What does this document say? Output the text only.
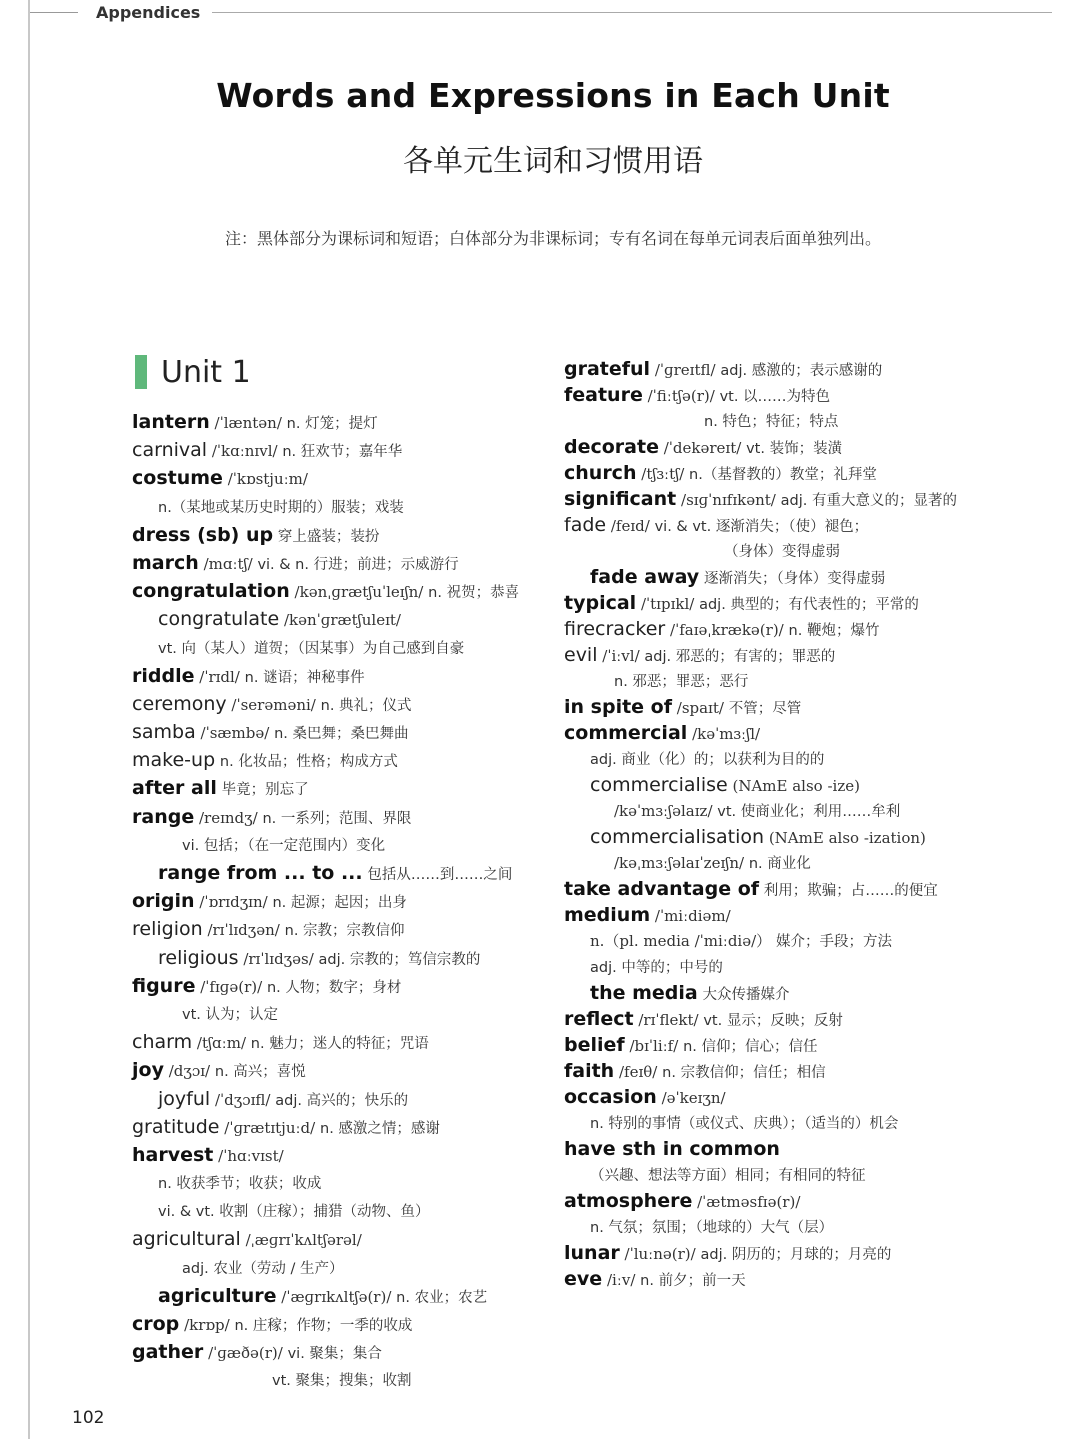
Appendices
Words and Expressions in Each Unit
各单元生词和习惯用语
注：黑体部分为课标词和短语；白体部分为非课标词；专有名词在每单元词表后面单独列出。
Unit 1
lantern /ˈlæntən/ n. 灯笼；提灯
carnival /ˈkɑːnɪvl/ n. 狂欢节；嘉年华
costume /ˈkɒstjuːm/
n.（某地或某历史时期的）服装；戏装
dress (sb) up 穿上盛装；装扮
march /mɑːtʃ/ vi. & n. 行进；前进；示威游行
congratulation /kənˌɡrætʃuˈleɪʃn/ n. 祝贺；恭喜
congratulate /kənˈɡrætʃuleɪt/
vt. 向（某人）道贺；（因某事）为自己感到自豪
riddle /ˈrɪdl/ n. 谜语；神秘事件
ceremony /ˈserəməni/ n. 典礼；仪式
samba /ˈsæmbə/ n. 桑巴舞；桑巴舞曲
make-up n. 化妆品；性格；构成方式
after all 毕竟；别忘了
range /reɪndʒ/ n. 一系列；范围、界限
vi. 包括；（在一定范围内）变化
range from ... to ... 包括从……到……之间
origin /ˈɒrɪdʒɪn/ n. 起源；起因；出身
religion /rɪˈlɪdʒən/ n. 宗教；宗教信仰
religious /rɪˈlɪdʒəs/ adj. 宗教的；笃信宗教的
figure /ˈfɪɡə(r)/ n. 人物；数字；身材
vt. 认为；认定
charm /tʃɑːm/ n. 魅力；迷人的特征；咒语
joy /dʒɔɪ/ n. 高兴；喜悦
joyful /ˈdʒɔɪfl/ adj. 高兴的；快乐的
gratitude /ˈɡrætɪtjuːd/ n. 感激之情；感谢
harvest /ˈhɑːvɪst/
n. 收获季节；收获；收成
vi. & vt. 收割（庄稼）；捕猎（动物、鱼）
agricultural /ˌæɡrɪˈkʌltʃərəl/
adj. 农业（劳动 / 生产）
agriculture /ˈæɡrɪkʌltʃə(r)/ n. 农业；农艺
crop /krɒp/ n. 庄稼；作物；一季的收成
gather /ˈɡæðə(r)/ vi. 聚集；集合
vt. 聚集；搜集；收割
grateful /ˈɡreɪtfl/ adj. 感激的；表示感谢的
feature /ˈfiːtʃə(r)/ vt. 以……为特色
n. 特色；特征；特点
decorate /ˈdekəreɪt/ vt. 装饰；装潢
church /tʃɜːtʃ/ n.（基督教的）教堂；礼拜堂
significant /sɪɡˈnɪfɪkənt/ adj. 有重大意义的；显著的
fade /feɪd/ vi. & vt. 逐渐消失；（使）褪色；
（身体）变得虚弱
fade away 逐渐消失；（身体）变得虚弱
typical /ˈtɪpɪkl/ adj. 典型的；有代表性的；平常的
firecracker /ˈfaɪəˌkrækə(r)/ n. 鞭炮；爆竹
evil /ˈiːvl/ adj. 邪恶的；有害的；罪恶的
n. 邪恶；罪恶；恶行
in spite of /spaɪt/ 不管；尽管
commercial /kəˈmɜːʃl/
adj. 商业（化）的；以获利为目的的
commercialise (NAmE also -ize)
/kəˈmɜːʃəlaɪz/ vt. 使商业化；利用……牟利
commercialisation (NAmE also -ization)
/kəˌmɜːʃəlaɪˈzeɪʃn/ n. 商业化
take advantage of 利用；欺骗；占……的便宜
medium /ˈmiːdiəm/
n.（pl. media /ˈmiːdiə/） 媒介；手段；方法
adj. 中等的；中号的
the media 大众传播媒介
reflect /rɪˈflekt/ vt. 显示；反映；反射
belief /bɪˈliːf/ n. 信仰；信心；信任
faith /feɪθ/ n. 宗教信仰；信任；相信
occasion /əˈkeɪʒn/
n. 特别的事情（或仪式、庆典）；（适当的）机会
have sth in common
（兴趣、想法等方面）相同；有相同的特征
atmosphere /ˈætməsfɪə(r)/
n. 气氛；氛围；（地球的）大气（层）
lunar /ˈluːnə(r)/ adj. 阴历的；月球的；月亮的
eve /iːv/ n. 前夕；前一天
102
